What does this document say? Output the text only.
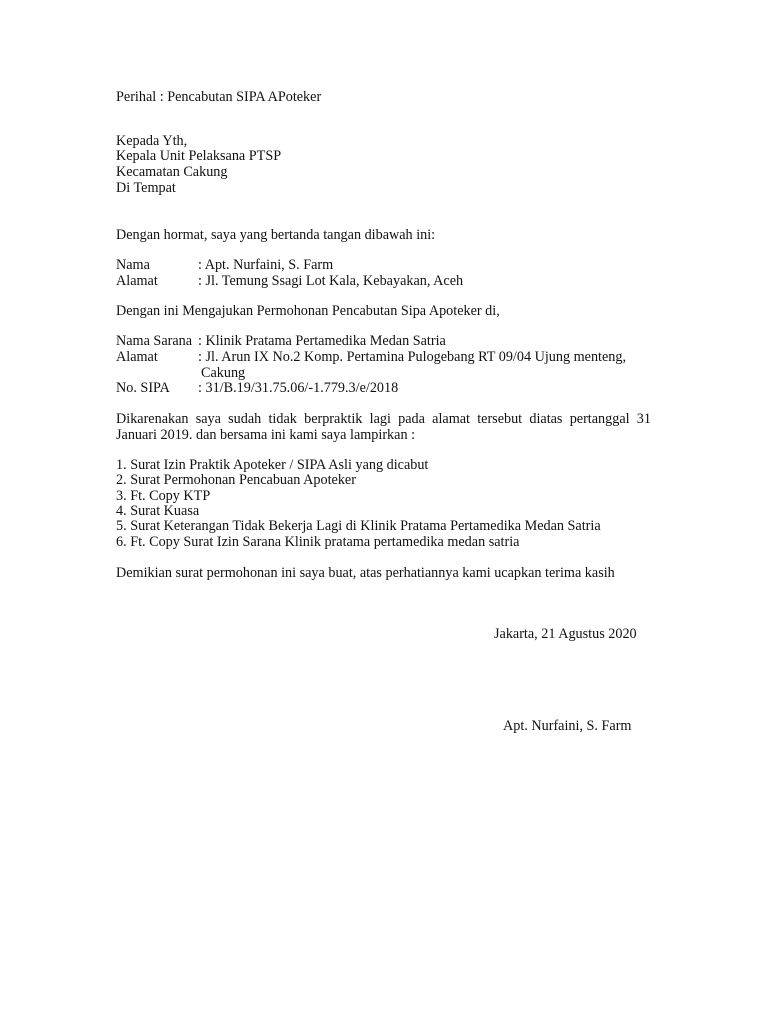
Perihal : Pencabutan SIPA APoteker
Kepada Yth,
Kepala Unit Pelaksana PTSP
Kecamatan Cakung
Di Tempat
Dengan hormat, saya yang bertanda tangan dibawah ini:
Nama	: Apt. Nurfaini, S. Farm
Alamat	: Jl. Temung Ssagi Lot Kala, Kebayakan, Aceh
Dengan ini Mengajukan Permohonan Pencabutan Sipa Apoteker di,
Nama Sarana : Klinik Pratama Pertamedika Medan Satria
Alamat	: Jl. Arun IX No.2 Komp. Pertamina Pulogebang RT 09/04 Ujung menteng,
Cakung
No. SIPA : 31/B.19/31.75.06/-1.779.3/e/2018
Dikarenakan saya sudah tidak berpraktik lagi pada alamat tersebut diatas pertanggal 31
Januari 2019. dan bersama ini kami saya lampirkan :
1. Surat Izin Praktik Apoteker / SIPA Asli yang dicabut
2. Surat Permohonan Pencabuan Apoteker
3. Ft. Copy KTP
4. Surat Kuasa
5. Surat Keterangan Tidak Bekerja Lagi di Klinik Pratama Pertamedika Medan Satria
6. Ft. Copy Surat Izin Sarana Klinik pratama pertamedika medan satria
Demikian surat permohonan ini saya buat, atas perhatiannya kami ucapkan terima kasih
Jakarta, 21 Agustus 2020
Apt. Nurfaini, S. Farm
